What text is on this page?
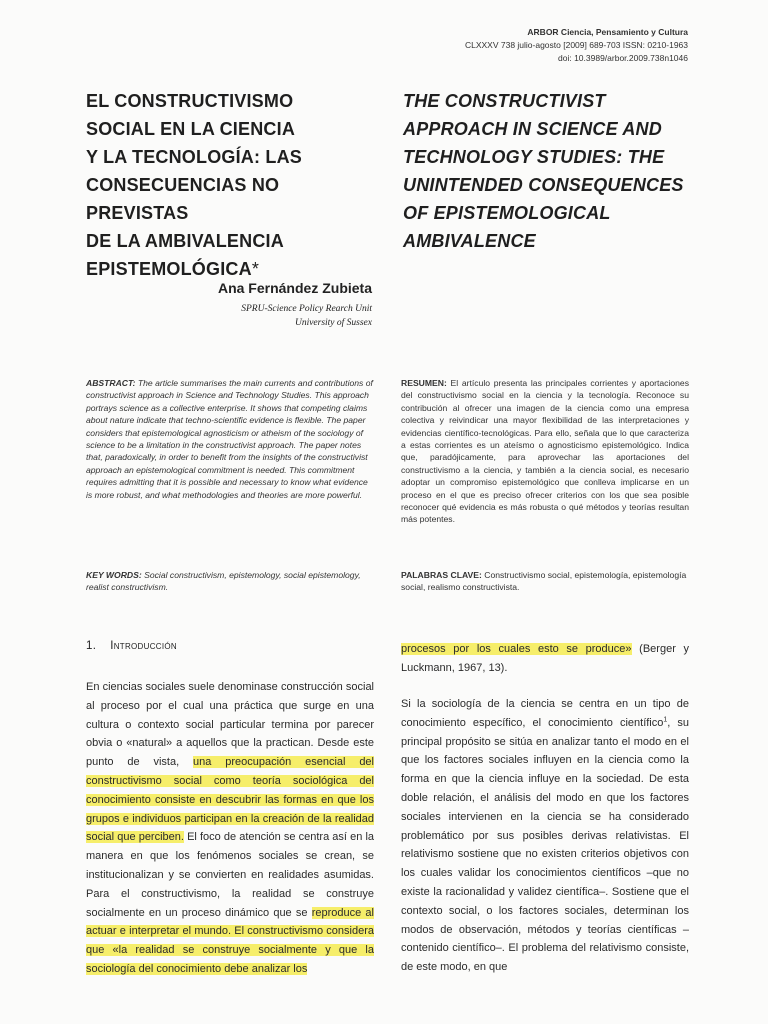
ARBOR Ciencia, Pensamiento y Cultura
CLXXXV 738 julio-agosto [2009] 689-703 ISSN: 0210-1963
doi: 10.3989/arbor.2009.738n1046
EL CONSTRUCTIVISMO
SOCIAL EN LA CIENCIA
Y LA TECNOLOGÍA: LAS
CONSECUENCIAS NO PREVISTAS
DE LA AMBIVALENCIA
EPISTEMOLÓGICA*
THE CONSTRUCTIVIST
APPROACH IN SCIENCE AND
TECHNOLOGY STUDIES: THE
UNINTENDED CONSEQUENCES
OF EPISTEMOLOGICAL
AMBIVALENCE
Ana Fernández Zubieta
SPRU-Science Policy Rearch Unit
University of Sussex
ABSTRACT: The article summarises the main currents and contributions of constructivist approach in Science and Technology Studies. This approach portrays science as a collective enterprise. It shows that competing claims about nature indicate that techno-scientific evidence is flexible. The paper considers that epistemological agnosticism or atheism of the sociology of science to be a limitation in the constructivist approach. The paper notes that, paradoxically, in order to benefit from the insights of the constructivist approach an epistemological commitment is needed. This commitment requires admitting that it is possible and necessary to know what evidence is more robust, and what methodologies and theories are more powerful.
RESUMEN: El artículo presenta las principales corrientes y aportaciones del constructivismo social en la ciencia y la tecnología. Reconoce su contribución al ofrecer una imagen de la ciencia como una empresa colectiva y reivindicar una mayor flexibilidad de las interpretaciones y evidencias científico-tecnológicas. Para ello, señala que lo que caracteriza a estas corrientes es un ateísmo o agnosticismo epistemológico. Indica que, paradójicamente, para aprovechar las aportaciones del constructivismo a la ciencia, y también a la ciencia social, es necesario adoptar un compromiso epistemológico que conlleva implicarse en un proceso en el que es preciso ofrecer criterios con los que sea posible reconocer qué evidencia es más robusta o qué métodos y teorías resultan más potentes.
KEY WORDS: Social constructivism, epistemology, social epistemology, realist constructivism.
PALABRAS CLAVE: Constructivismo social, epistemología, epistemología social, realismo constructivista.
1. Introducción
En ciencias sociales suele denominase construcción social al proceso por el cual una práctica que surge en una cultura o contexto social particular termina por parecer obvia o «natural» a aquellos que la practican. Desde este punto de vista, una preocupación esencial del constructivismo social como teoría sociológica del conocimiento consiste en descubrir las formas en que los grupos e individuos participan en la creación de la realidad social que perciben. El foco de atención se centra así en la manera en que los fenómenos sociales se crean, se institucionalizan y se convierten en realidades asumidas. Para el constructivismo, la realidad se construye socialmente en un proceso dinámico que se reproduce al actuar e interpretar el mundo. El constructivismo considera que «la realidad se construye socialmente y que la sociología del conocimiento debe analizar los
procesos por los cuales esto se produce» (Berger y Luckmann, 1967, 13).
Si la sociología de la ciencia se centra en un tipo de conocimiento específico, el conocimiento científico$^1$, su principal propósito se sitúa en analizar tanto el modo en el que los factores sociales influyen en la ciencia como la forma en que la ciencia influye en la sociedad. De esta doble relación, el análisis del modo en que los factores sociales intervienen en la ciencia se ha considerado problemático por sus posibles derivas relativistas. El relativismo sostiene que no existen criterios objetivos con los cuales validar los conocimientos científicos –que no existe la racionalidad y validez científica–. Sostiene que el contexto social, o los factores sociales, determinan los modos de observación, métodos y teorías científicas –contenido científico–. El problema del relativismo consiste, de este modo, en que
